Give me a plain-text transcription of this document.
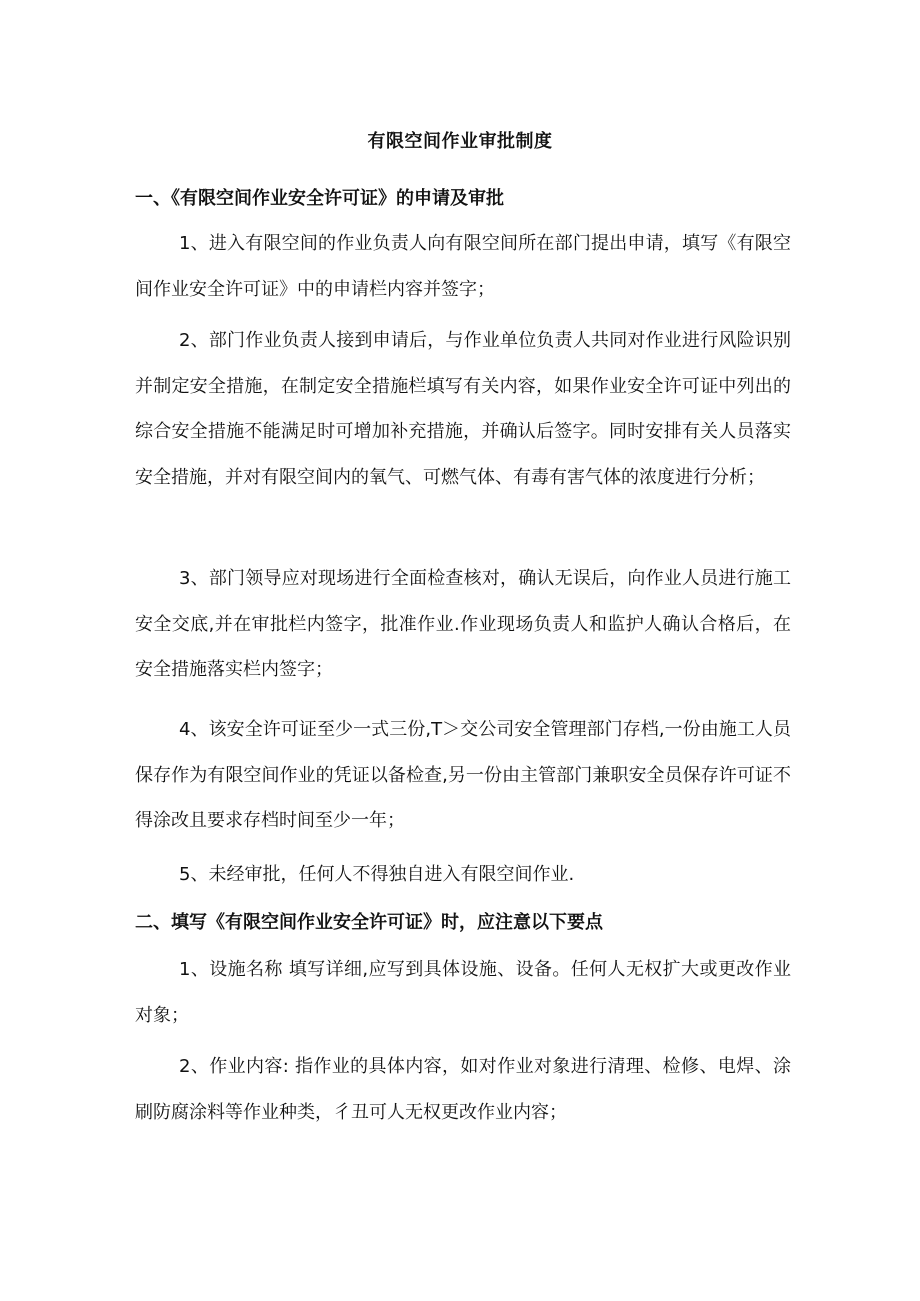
有限空间作业审批制度
一、《有限空间作业安全许可证》的申请及审批

1、进入有限空间的作业负责人向有限空间所在部门提出申请，填写《有限空间作业安全许可证》中的申请栏内容并签字；

2、部门作业负责人接到申请后，与作业单位负责人共同对作业进行风险识别并制定安全措施，在制定安全措施栏填写有关内容，如果作业安全许可证中列出的综合安全措施不能满足时可增加补充措施，并确认后签字。同时安排有关人员落实安全措施，并对有限空间内的氧气、可燃气体、有毒有害气体的浓度进行分析；

3、部门领导应对现场进行全面检查核对，确认无误后，向作业人员进行施工安全交底,并在审批栏内签字，批准作业.作业现场负责人和监护人确认合格后，在安全措施落实栏内签字；

4、该安全许可证至少一式三份,T＞交公司安全管理部门存档,一份由施工人员保存作为有限空间作业的凭证以备检查,另一份由主管部门兼职安全员保存许可证不得涂改且要求存档时间至少一年；

5、未经审批，任何人不得独自进入有限空间作业.

二、填写《有限空间作业安全许可证》时，应注意以下要点

1、设施名称 填写详细,应写到具体设施、设备。任何人无权扩大或更改作业对象；

2、作业内容: 指作业的具体内容，如对作业对象进行清理、检修、电焊、涂刷防腐涂料等作业种类，彳丑可人无权更改作业内容；
